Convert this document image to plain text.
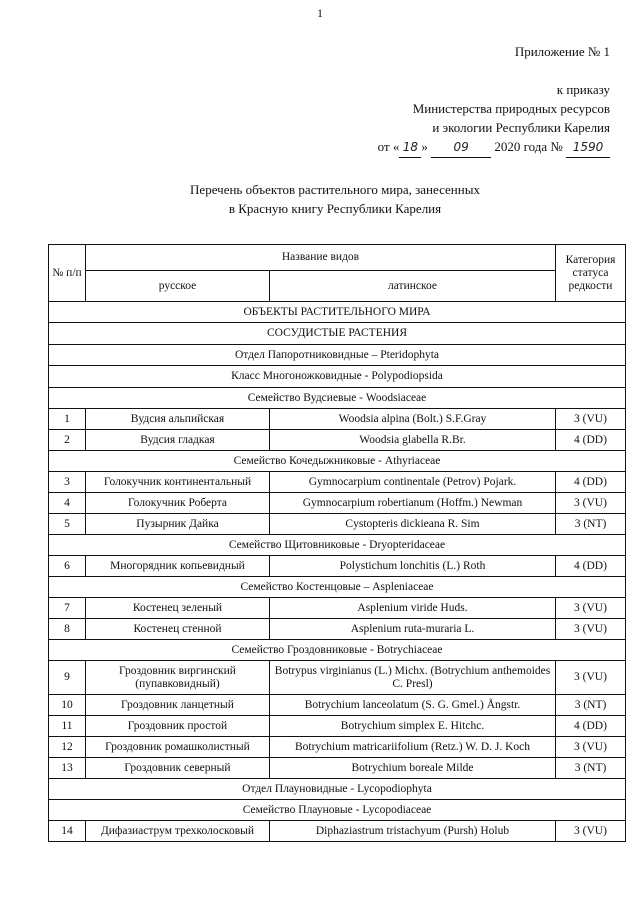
1
Приложение № 1
к приказу
Министерства природных ресурсов
и экологии Республики Карелия
от « 18 » 09 2020 года № 1590
Перечень объектов растительного мира, занесенных
в Красную книгу Республики Карелия
№ п/п	Название видов		Категория статуса редкости
	русское	латинское	
ОБЪЕКТЫ РАСТИТЕЛЬНОГО МИРА			
СОСУДИСТЫЕ РАСТЕНИЯ			
Отдел Папоротниковидные – Pteridophyta			
Класс Многоножковидные - Polypodiopsida			
Семейство Вудсиевые - Woodsiaceae			
1	Вудсия альпийская	Woodsia alpina (Bolt.) S.F.Gray	3 (VU)
2	Вудсия гладкая	Woodsia glabella R.Br.	4 (DD)
Семейство Кочедыжниковые - Athyriaceae			
3	Голокучник континентальный	Gymnocarpium continentale (Petrov) Pojark.	4 (DD)
4	Голокучник Роберта	Gymnocarpium robertianum (Hoffm.) Newman	3 (VU)
5	Пузырник Дайка	Cystopteris dickieana R. Sim	3 (NT)
Семейство Щитовниковые - Dryopteridaceae			
6	Многорядник копьевидный	Polystichum lonchitis (L.) Roth	4 (DD)
Семейство Костенцовые – Aspleniaceae			
7	Костенец зеленый	Asplenium viride Huds.	3 (VU)
8	Костенец стенной	Asplenium ruta-muraria L.	3 (VU)
Семейство Гроздовниковые - Botrychiaceae			
9	Гроздовник виргинский (пупавковидный)	Botrypus virginianus (L.) Michx. (Botrychium anthemoides C. Presl)	3 (VU)
10	Гроздовник ланцетный	Botrychium lanceolatum (S. G. Gmel.) Ångstr.	3 (NT)
11	Гроздовник простой	Botrychium simplex E. Hitchc.	4 (DD)
12	Гроздовник ромашколистный	Botrychium matricariifolium (Retz.) W. D. J. Koch	3 (VU)
13	Гроздовник северный	Botrychium boreale Milde	3 (NT)
Отдел Плауновидные - Lycopodiophyta			
Семейство Плауновые - Lycopodiaceae			
14	Дифазиаструм трехколосковый	Diphaziastrum tristachyum (Pursh) Holub	3 (VU)
